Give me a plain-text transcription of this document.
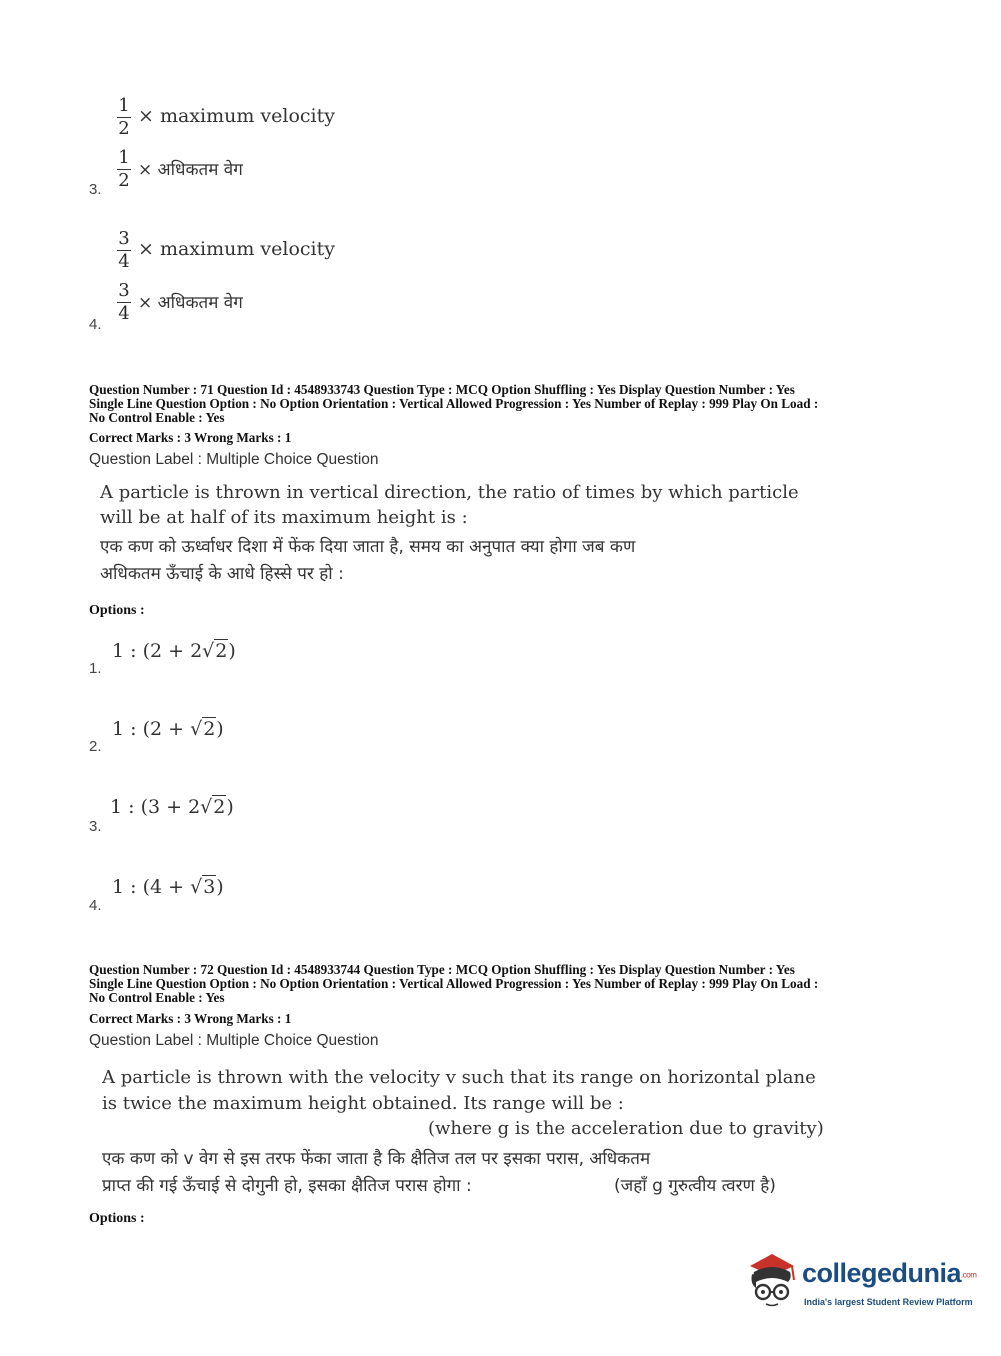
1
2
× maximum velocity
1
2 × अधिकतम वेग
3.
3
4
× maximum velocity
3
4 × अधिकतम वेग
4.
Question Number : 71 Question Id : 4548933743 Question Type : MCQ Option Shuffling : Yes Display Question Number : Yes
Single Line Question Option : No Option Orientation : Vertical Allowed Progression : Yes Number of Replay : 999 Play On Load :
No Control Enable : Yes
Correct Marks : 3 Wrong Marks : 1
Question Label : Multiple Choice Question
A particle is thrown in vertical direction, the ratio of times by which particle
will be at half of its maximum height is :
एक कण को ऊर्ध्वाधर दिशा में फेंक दिया जाता है, समय का अनुपात क्या होगा जब कण
अधिकतम ऊँचाई के आधे हिस्से पर हो :
Options :
1 : (2 + 2√2)
1.
1 : (2 + √2)
2.
1 : (3 + 2√2)
3.
1 : (4 + √3)
4.
Question Number : 72 Question Id : 4548933744 Question Type : MCQ Option Shuffling : Yes Display Question Number : Yes
Single Line Question Option : No Option Orientation : Vertical Allowed Progression : Yes Number of Replay : 999 Play On Load :
No Control Enable : Yes
Correct Marks : 3 Wrong Marks : 1
Question Label : Multiple Choice Question
A particle is thrown with the velocity v such that its range on horizontal plane
is twice the maximum height obtained. Its range will be :
(where g is the acceleration due to gravity)
एक कण को v वेग से इस तरफ फेंका जाता है कि क्षैतिज तल पर इसका परास, अधिकतम
प्राप्त की गई ऊँचाई से दोगुनी हो, इसका क्षैतिज परास होगा :	(जहाँ g गुरुत्वीय त्वरण है)
Options :
collegedunia.com
India's largest Student Review Platform
